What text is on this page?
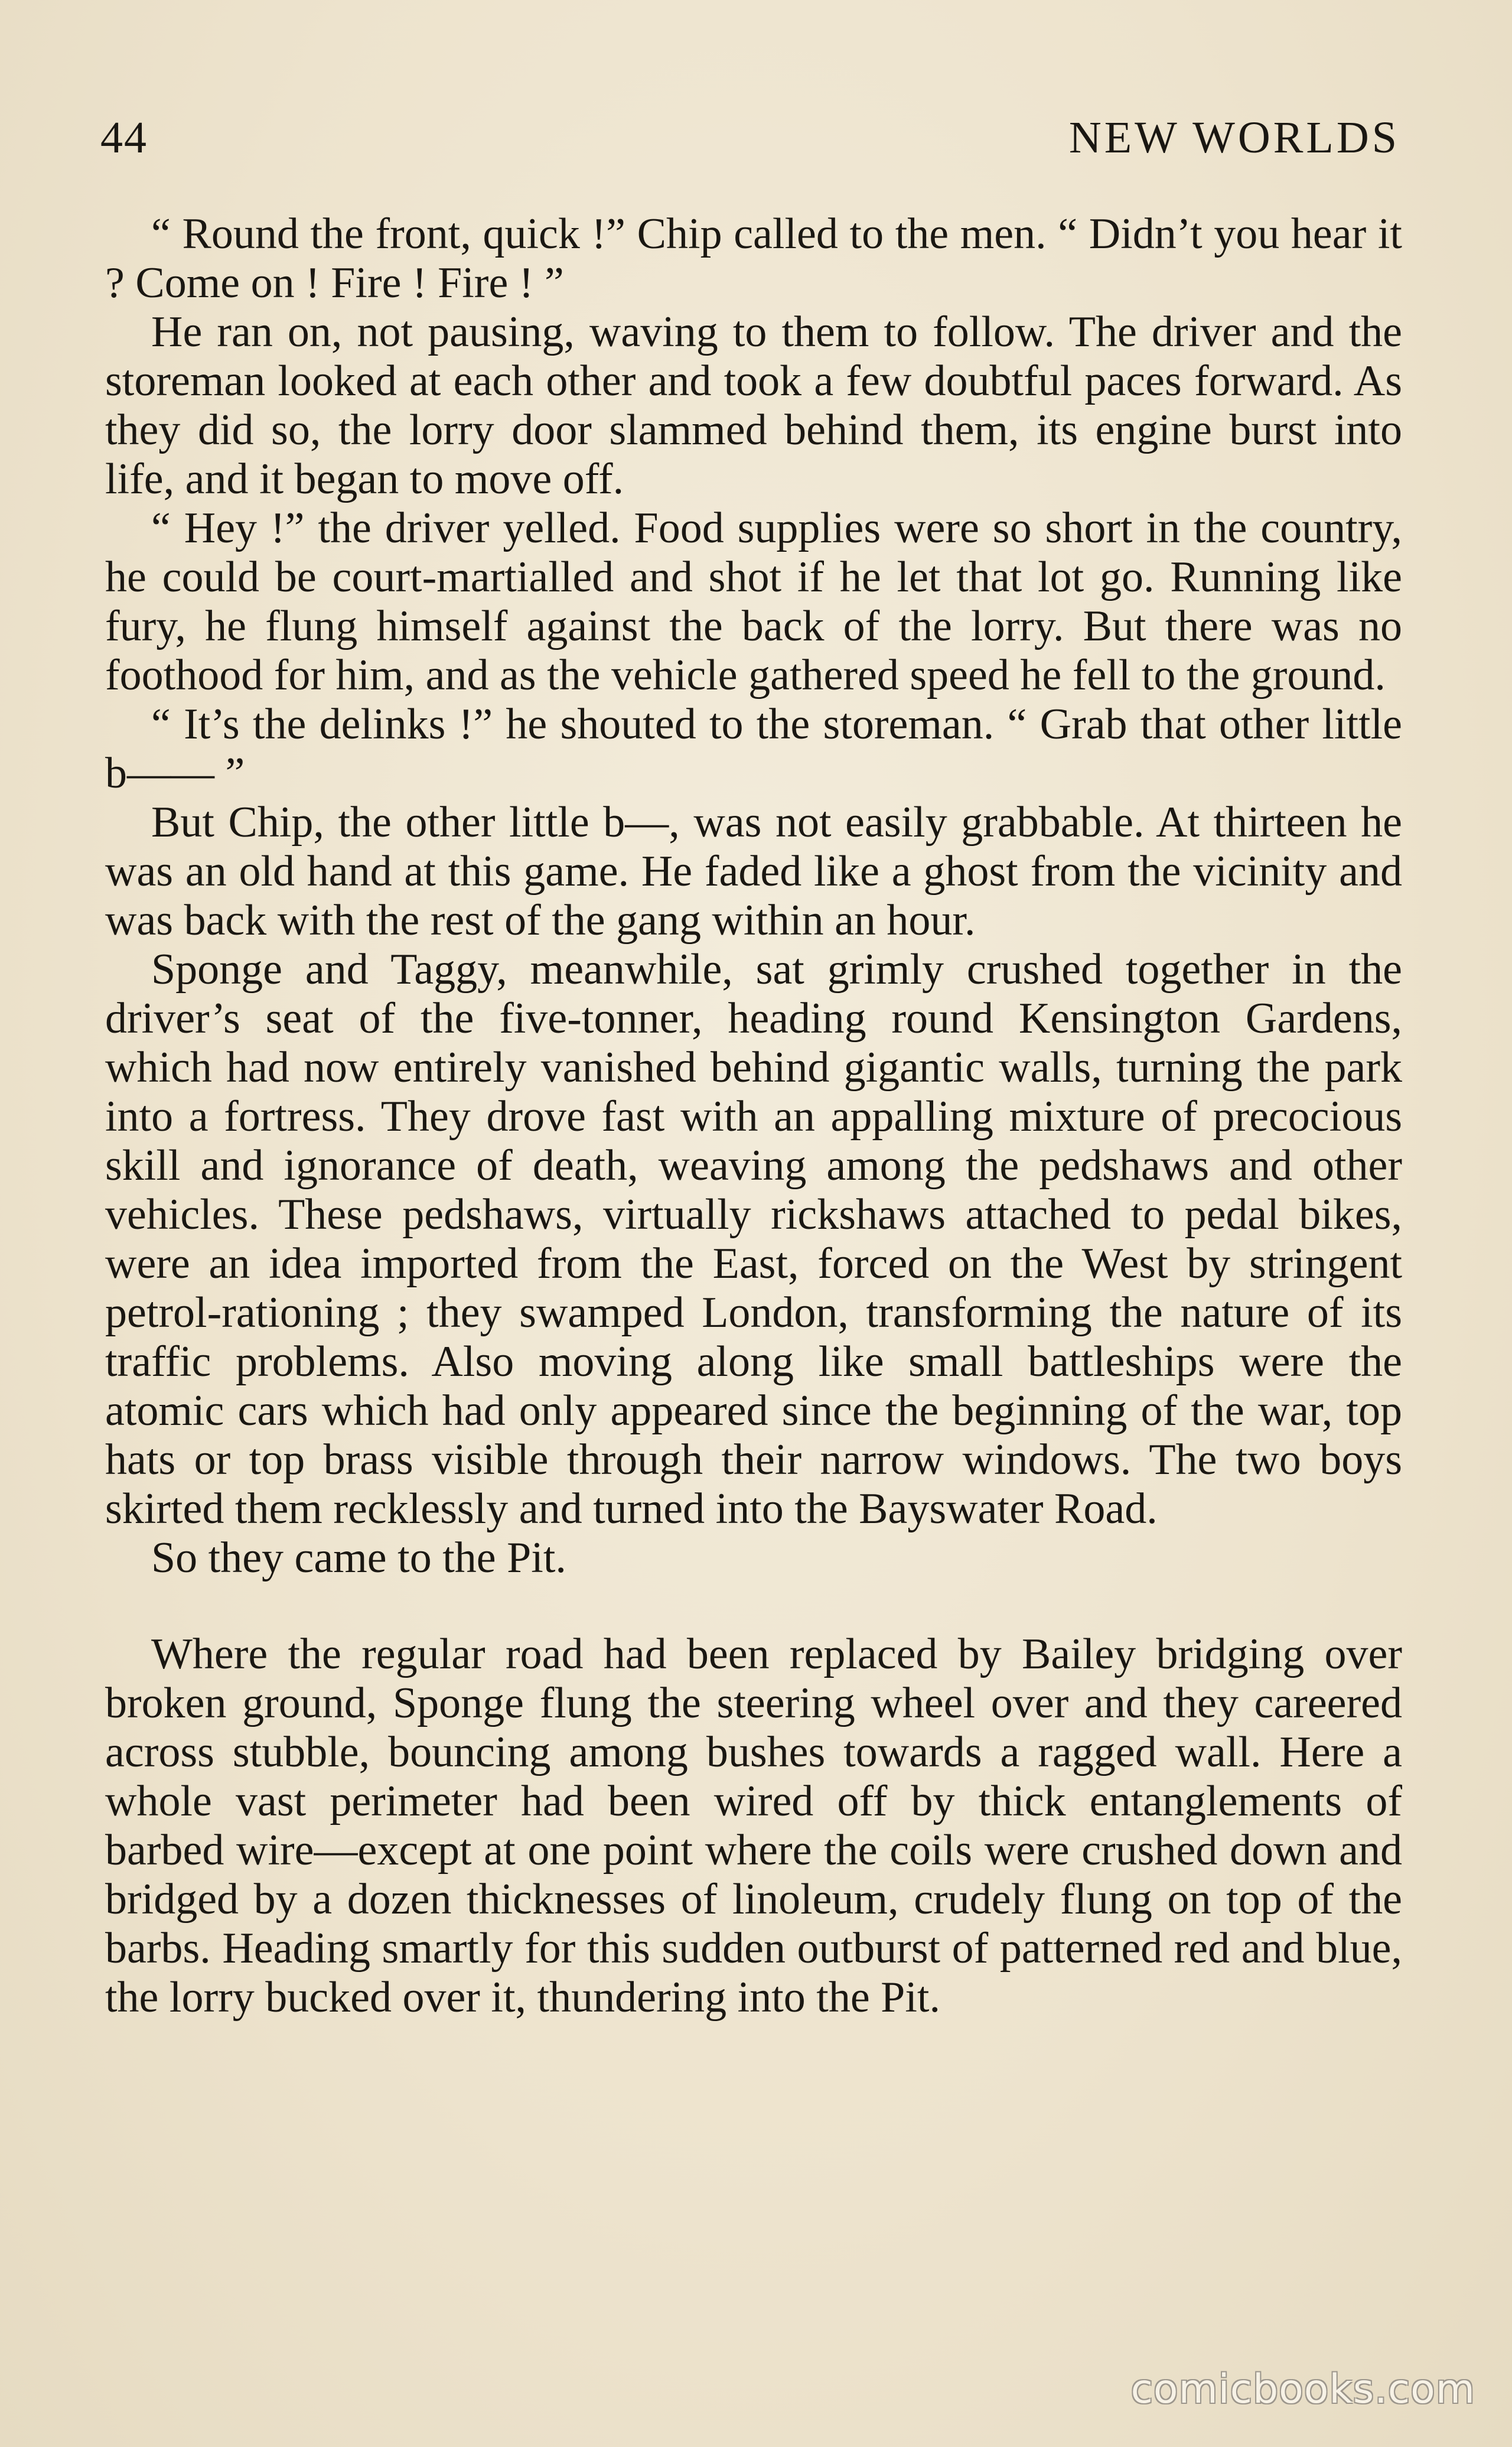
44	NEW WORLDS

“ Round the front, quick !” Chip called to the men. “ Didn’t you hear it ? Come on ! Fire ! Fire ! ”

He ran on, not pausing, waving to them to follow. The driver and the storeman looked at each other and took a few doubtful paces forward. As they did so, the lorry door slammed behind them, its engine burst into life, and it began to move off.

“ Hey !” the driver yelled. Food supplies were so short in the country, he could be court-martialled and shot if he let that lot go. Running like fury, he flung himself against the back of the lorry. But there was no foothood for him, and as the vehicle gathered speed he fell to the ground.

“ It’s the delinks !” he shouted to the storeman. “ Grab that other little b—— ”

But Chip, the other little b—, was not easily grabbable. At thirteen he was an old hand at this game. He faded like a ghost from the vicinity and was back with the rest of the gang within an hour.

Sponge and Taggy, meanwhile, sat grimly crushed together in the driver’s seat of the five-tonner, heading round Kensington Gardens, which had now entirely vanished behind gigantic walls, turning the park into a fortress. They drove fast with an appalling mixture of precocious skill and ignorance of death, weaving among the pedshaws and other vehicles. These pedshaws, virtually rickshaws attached to pedal bikes, were an idea imported from the East, forced on the West by stringent petrol-rationing ; they swamped London, transforming the nature of its traffic problems. Also moving along like small battleships were the atomic cars which had only appeared since the beginning of the war, top hats or top brass visible through their narrow windows. The two boys skirted them recklessly and turned into the Bayswater Road.

So they came to the Pit.

Where the regular road had been replaced by Bailey bridging over broken ground, Sponge flung the steering wheel over and they careered across stubble, bouncing among bushes towards a ragged wall. Here a whole vast perimeter had been wired off by thick entanglements of barbed wire—except at one point where the coils were crushed down and bridged by a dozen thicknesses of linoleum, crudely flung on top of the barbs. Heading smartly for this sudden outburst of patterned red and blue, the lorry bucked over it, thundering into the Pit.

comicbooks.com
